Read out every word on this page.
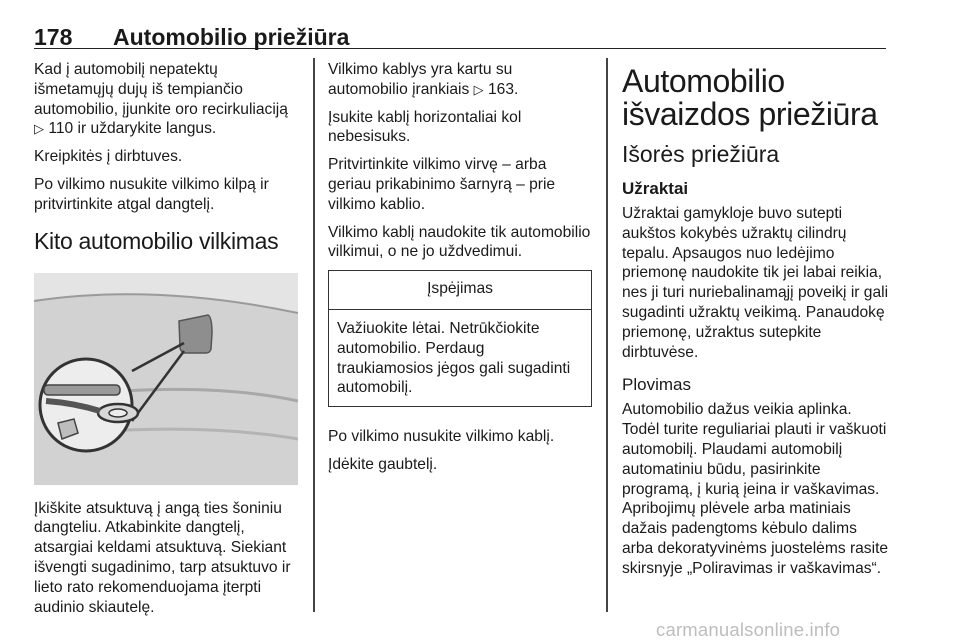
178 Automobilio priežiūra

Kad į automobilį nepatektų išmetamųjų dujų iš tempiančio automobilio, įjunkite oro recirkuliaciją ▷ 110 ir uždarykite langus.

Kreipkitės į dirbtuves.

Po vilkimo nusukite vilkimo kilpą ir pritvirtinkite atgal dangtelį.

Kito automobilio vilkimas

Įkiškite atsuktuvą į angą ties šoniniu dangteliu. Atkabinkite dangtelį, atsargiai keldami atsuktuvą. Siekiant išvengti sugadinimo, tarp atsuktuvo ir lieto rato rekomenduojama įterpti audinio skiautelę.

Vilkimo kablys yra kartu su automobilio įrankiais ▷ 163.

Įsukite kablį horizontaliai kol nebesisuks.

Pritvirtinkite vilkimo virvę – arba geriau prikabinimo šarnyrą – prie vilkimo kablio.

Vilkimo kablį naudokite tik automobilio vilkimui, o ne jo uždvedimui.

Įspėjimas
Važiuokite lėtai. Netrūkčiokite automobilio. Perdaug traukiamosios jėgos gali sugadinti automobilį.

Po vilkimo nusukite vilkimo kablį.

Įdėkite gaubtelį.

Automobilio išvaizdos priežiūra
Išorės priežiūra
Užraktai

Užraktai gamykloje buvo sutepti aukštos kokybės užraktų cilindrų tepalu. Apsaugos nuo ledėjimo priemonę naudokite tik jei labai reikia, nes ji turi nuriebalinamąjį poveikį ir gali sugadinti užraktų veikimą. Panaudokę priemonę, užraktus sutepkite dirbtuvėse.

Plovimas

Automobilio dažus veikia aplinka. Todėl turite reguliariai plauti ir vaškuoti automobilį. Plaudami automobilį automatiniu būdu, pasirinkite programą, į kurią įeina ir vaškavimas. Apribojimų plėvele arba matiniais dažais padengtoms kėbulo dalims arba dekoratyvinėms juostelėms rasite skirsnyje „Poliravimas ir vaškavimas“.

carmanualsonline.info
